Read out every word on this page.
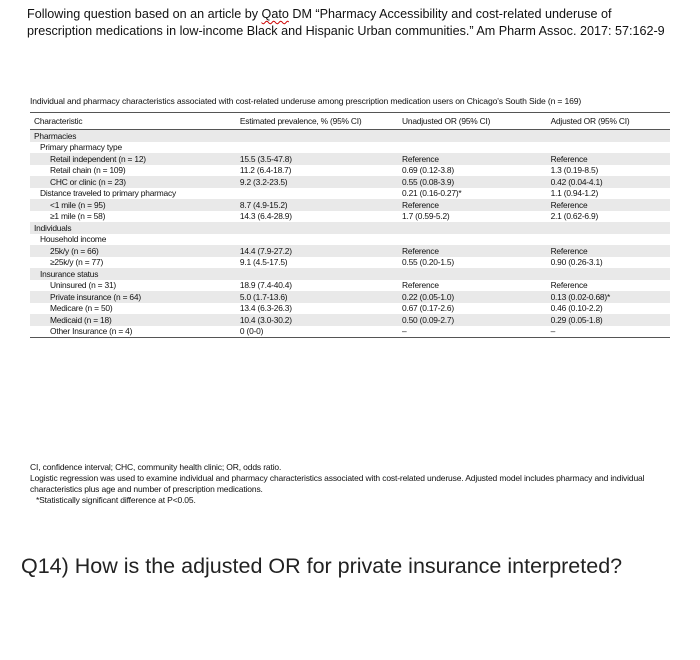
Following question based on an article by Qato DM “Pharmacy Accessibility and cost-related underuse of prescription medications in low-income Black and Hispanic Urban communities.” Am Pharm Assoc. 2017: 57:162-9
Individual and pharmacy characteristics associated with cost-related underuse among prescription medication users on Chicago's South Side (n = 169)
Characteristic	Estimated prevalence, % (95% CI)	Unadjusted OR (95% CI)	Adjusted OR (95% CI)
Pharmacies			
Primary pharmacy type			
Retail independent (n = 12)	15.5 (3.5-47.8)	Reference	Reference
Retail chain (n = 109)	11.2 (6.4-18.7)	0.69 (0.12-3.8)	1.3 (0.19-8.5)
CHC or clinic (n = 23)	9.2 (3.2-23.5)	0.55 (0.08-3.9)	0.42 (0.04-4.1)
Distance traveled to primary pharmacy		0.21 (0.16-0.27)*	1.1 (0.94-1.2)
<1 mile (n = 95)	8.7 (4.9-15.2)	Reference	Reference
≥1 mile (n = 58)	14.3 (6.4-28.9)	1.7 (0.59-5.2)	2.1 (0.62-6.9)
Individuals			
Household income			
25k/y (n = 66)	14.4 (7.9-27.2)	Reference	Reference
≥25k/y (n = 77)	9.1 (4.5-17.5)	0.55 (0.20-1.5)	0.90 (0.26-3.1)
Insurance status			
Uninsured (n = 31)	18.9 (7.4-40.4)	Reference	Reference
Private insurance (n = 64)	5.0 (1.7-13.6)	0.22 (0.05-1.0)	0.13 (0.02-0.68)*
Medicare (n = 50)	13.4 (6.3-26.3)	0.67 (0.17-2.6)	0.46 (0.10-2.2)
Medicaid (n = 18)	10.4 (3.0-30.2)	0.50 (0.09-2.7)	0.29 (0.05-1.8)
Other Insurance (n = 4)	0 (0-0)	–	–
CI, confidence interval; CHC, community health clinic; OR, odds ratio.
Logistic regression was used to examine individual and pharmacy characteristics associated with cost-related underuse. Adjusted model includes pharmacy and individual characteristics plus age and number of prescription medications.
*Statistically significant difference at P<0.05.
Q14) How is the adjusted OR for private insurance interpreted?
